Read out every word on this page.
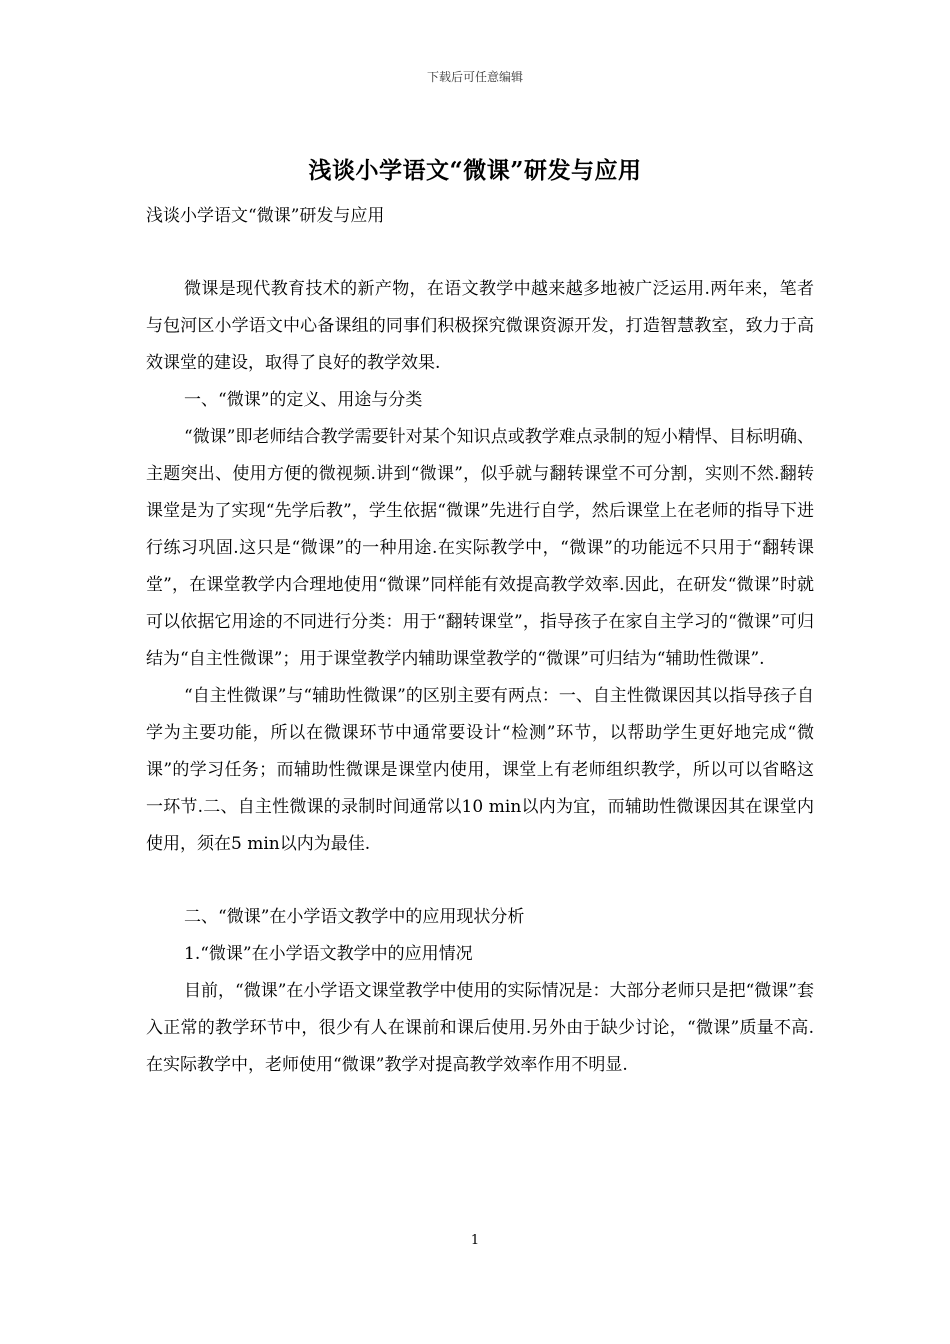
下载后可任意编辑
浅谈小学语文“微课”研发与应用

浅谈小学语文“微课”研发与应用

微课是现代教育技术的新产物，在语文教学中越来越多地被广泛运用.两年来，笔者与包河区小学语文中心备课组的同事们积极探究微课资源开发，打造智慧教室，致力于高效课堂的建设，取得了良好的教学效果.

一、“微课”的定义、用途与分类

“微课”即老师结合教学需要针对某个知识点或教学难点录制的短小精悍、目标明确、主题突出、使用方便的微视频.讲到“微课”，似乎就与翻转课堂不可分割，实则不然.翻转课堂是为了实现“先学后教”，学生依据“微课”先进行自学，然后课堂上在老师的指导下进行练习巩固.这只是“微课”的一种用途.在实际教学中，“微课”的功能远不只用于“翻转课堂”，在课堂教学内合理地使用“微课”同样能有效提高教学效率.因此，在研发“微课”时就可以依据它用途的不同进行分类：用于“翻转课堂”，指导孩子在家自主学习的“微课”可归结为“自主性微课”；用于课堂教学内辅助课堂教学的“微课”可归结为“辅助性微课”.

“自主性微课”与“辅助性微课”的区别主要有两点：一、自主性微课因其以指导孩子自学为主要功能，所以在微课环节中通常要设计“检测”环节，以帮助学生更好地完成“微课”的学习任务；而辅助性微课是课堂内使用，课堂上有老师组织教学，所以可以省略这一环节.二、自主性微课的录制时间通常以10 min以内为宜，而辅助性微课因其在课堂内使用，须在5 min以内为最佳.

二、“微课”在小学语文教学中的应用现状分析

1.“微课”在小学语文教学中的应用情况

目前，“微课”在小学语文课堂教学中使用的实际情况是：大部分老师只是把“微课”套入正常的教学环节中，很少有人在课前和课后使用.另外由于缺少讨论，“微课”质量不高.在实际教学中，老师使用“微课”教学对提高教学效率作用不明显.

1
